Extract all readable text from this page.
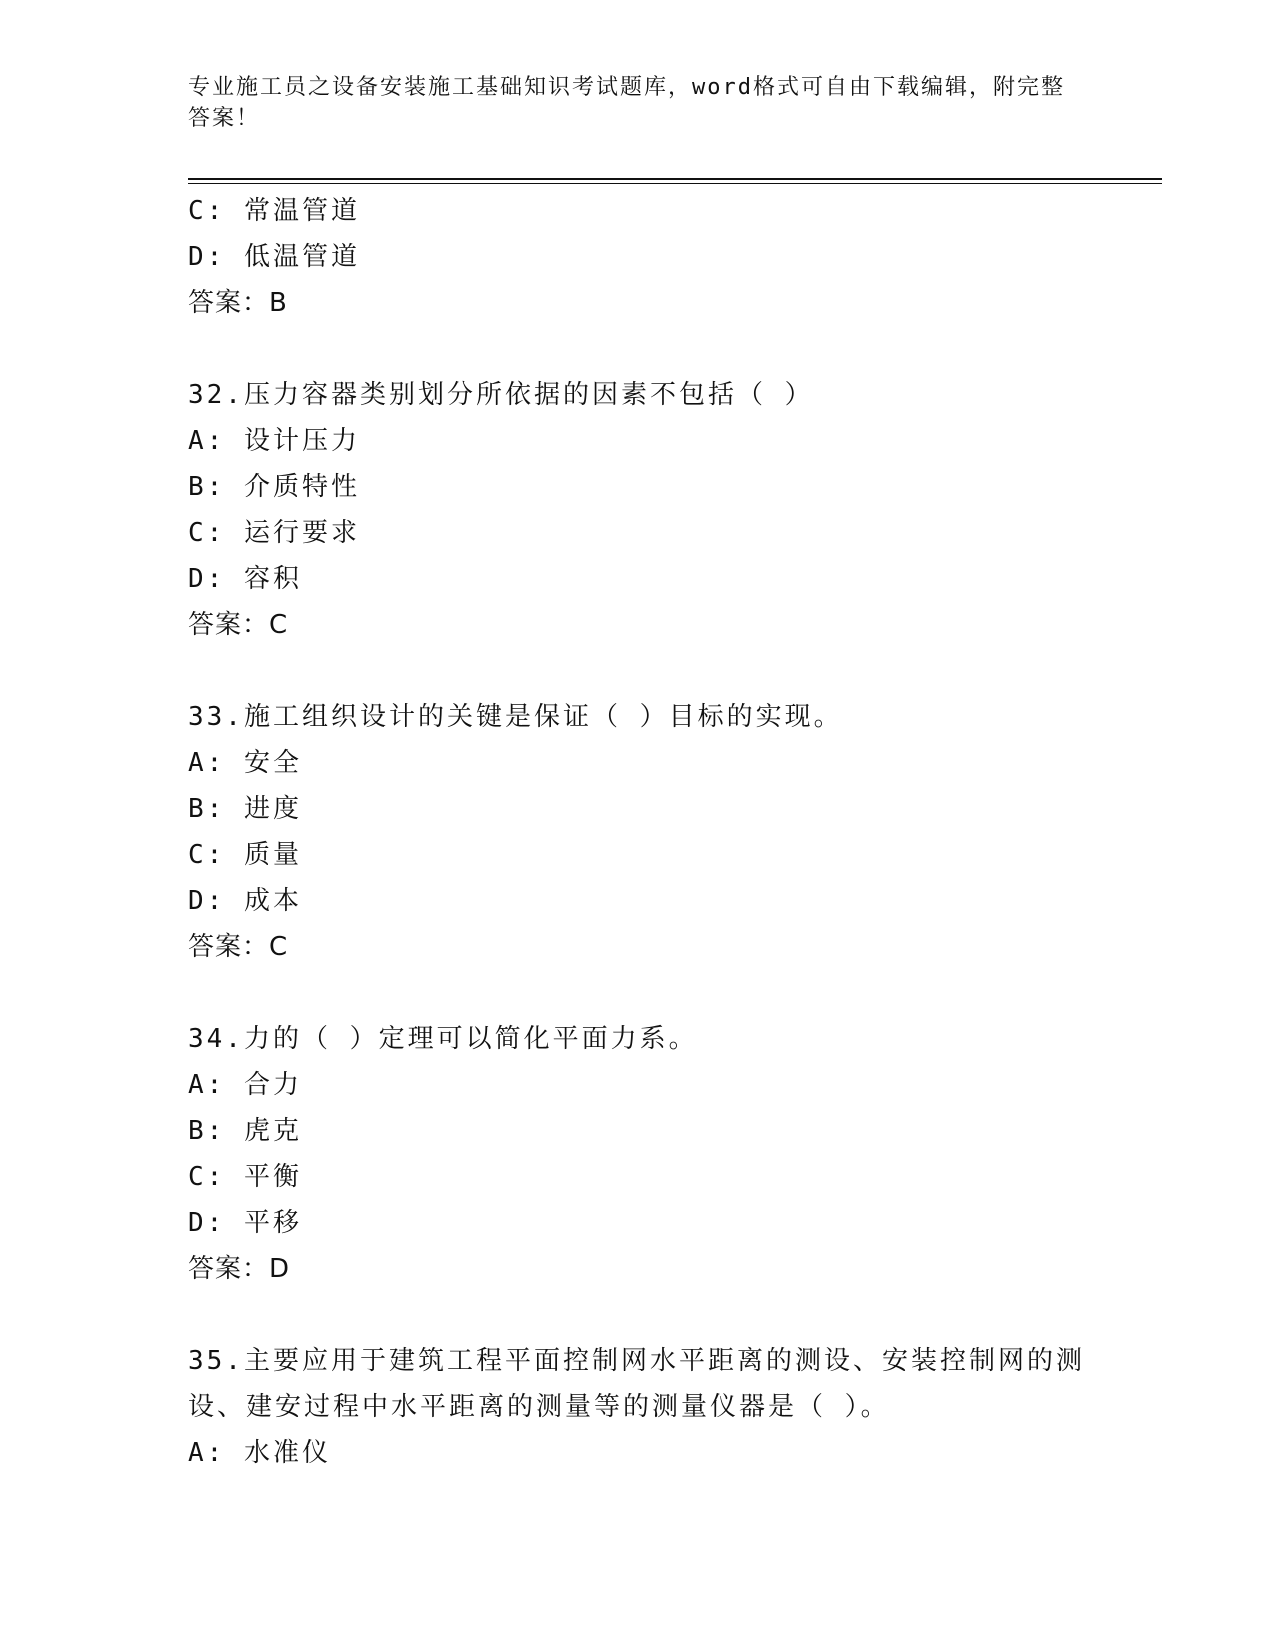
专业施工员之设备安装施工基础知识考试题库，word格式可自由下载编辑，附完整答案！
C: 常温管道
D: 低温管道
答案：B
32.压力容器类别划分所依据的因素不包括（ ）
A: 设计压力
B: 介质特性
C: 运行要求
D: 容积
答案：C
33.施工组织设计的关键是保证（ ）目标的实现。
A: 安全
B: 进度
C: 质量
D: 成本
答案：C
34.力的（ ）定理可以简化平面力系。
A: 合力
B: 虎克
C: 平衡
D: 平移
答案：D
35.主要应用于建筑工程平面控制网水平距离的测设、安装控制网的测设、建安过程中水平距离的测量等的测量仪器是（ ）。
A: 水准仪
